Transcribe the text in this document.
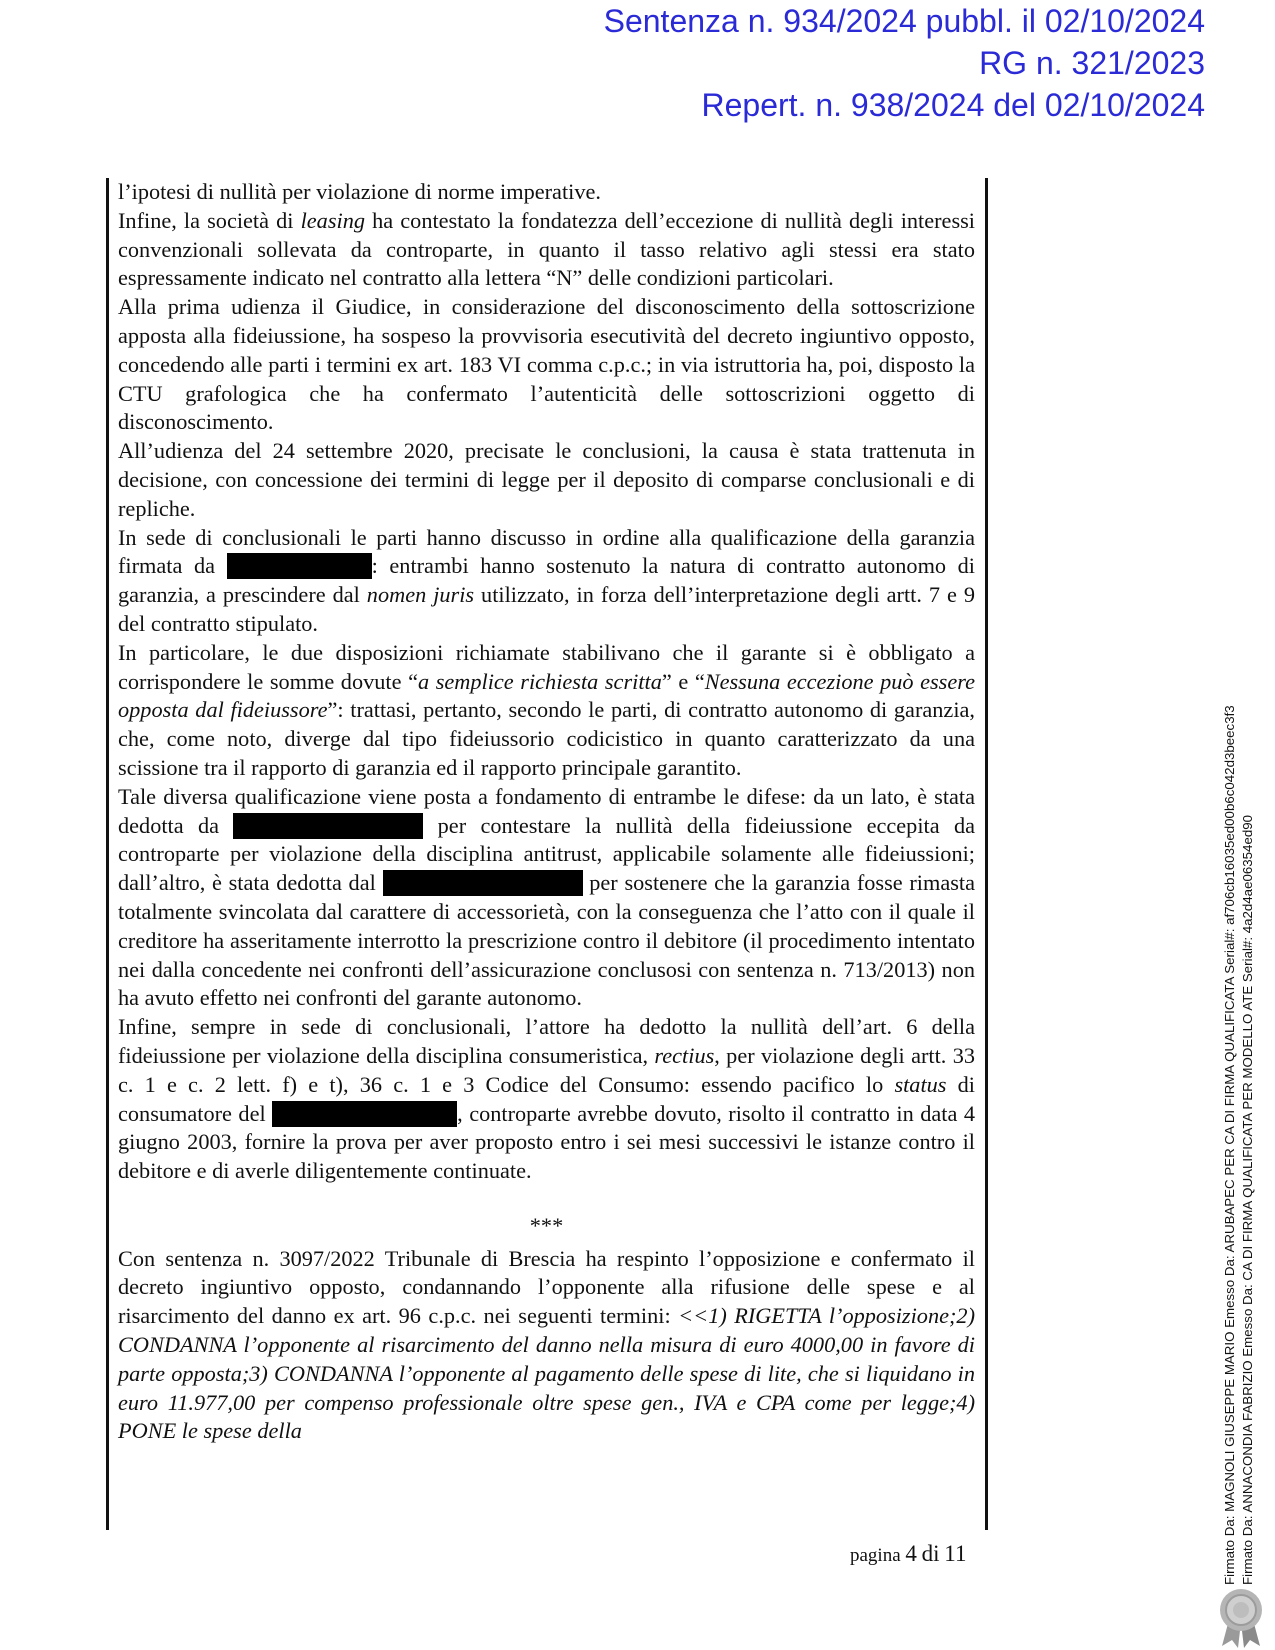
Sentenza n. 934/2024 pubbl. il 02/10/2024
RG n. 321/2023
Repert. n. 938/2024 del 02/10/2024

l’ipotesi di nullità per violazione di norme imperative.

Infine, la società di leasing ha contestato la fondatezza dell’eccezione di nullità degli interessi convenzionali sollevata da controparte, in quanto il tasso relativo agli stessi era stato espressamente indicato nel contratto alla lettera “N” delle condizioni particolari.

Alla prima udienza il Giudice, in considerazione del disconoscimento della sottoscrizione apposta alla fideiussione, ha sospeso la provvisoria esecutività del decreto ingiuntivo opposto, concedendo alle parti i termini ex art. 183 VI comma c.p.c.; in via istruttoria ha, poi, disposto la CTU grafologica che ha confermato l’autenticità delle sottoscrizioni oggetto di disconoscimento.

All’udienza del 24 settembre 2020, precisate le conclusioni, la causa è stata trattenuta in decisione, con concessione dei termini di legge per il deposito di comparse conclusionali e di repliche.

In sede di conclusionali le parti hanno discusso in ordine alla qualificazione della garanzia firmata da	: entrambi hanno sostenuto la natura di contratto autonomo di garanzia, a prescindere dal nomen juris utilizzato, in forza dell’interpretazione degli artt. 7 e 9 del contratto stipulato.

In particolare, le due disposizioni richiamate stabilivano che il garante si è obbligato a corrispondere le somme dovute “a semplice richiesta scritta” e “Nessuna eccezione può essere opposta dal fideiussore”: trattasi, pertanto, secondo le parti, di contratto autonomo di garanzia, che, come noto, diverge dal tipo fideiussorio codicistico in quanto caratterizzato da una scissione tra il rapporto di garanzia ed il rapporto principale garantito.

Tale diversa qualificazione viene posta a fondamento di entrambe le difese: da un lato, è stata dedotta da	per contestare la nullità della fideiussione eccepita da controparte per violazione della disciplina antitrust, applicabile solamente alle fideiussioni; dall’altro, è stata dedotta dal	per sostenere che la garanzia fosse rimasta totalmente svincolata dal carattere di accessorietà, con la conseguenza che l’atto con il quale il creditore ha asseritamente interrotto la prescrizione contro il debitore (il procedimento intentato nei dalla concedente nei confronti dell’assicurazione conclusosi con sentenza n. 713/2013) non ha avuto effetto nei confronti del garante autonomo.

Infine, sempre in sede di conclusionali, l’attore ha dedotto la nullità dell’art. 6 della fideiussione per violazione della disciplina consumeristica, rectius, per violazione degli artt. 33 c. 1 e c. 2 lett. f) e t), 36 c. 1 e 3 Codice del Consumo: essendo pacifico lo status di consumatore del	, controparte avrebbe dovuto, risolto il contratto in data 4 giugno 2003, fornire la prova per aver proposto entro i sei mesi successivi le istanze contro il debitore e di averle diligentemente continuate.

***

Con sentenza n. 3097/2022 Tribunale di Brescia ha respinto l’opposizione e confermato il decreto ingiuntivo opposto, condannando l’opponente alla rifusione delle spese e al risarcimento del danno ex art. 96 c.p.c. nei seguenti termini: <<1) RIGETTA l’opposizione;2) CONDANNA l’opponente al risarcimento del danno nella misura di euro 4000,00 in favore di parte opposta;3) CONDANNA l’opponente al pagamento delle spese di lite, che si liquidano in euro 11.977,00 per compenso professionale oltre spese gen., IVA e CPA come per legge;4) PONE le spese della

pagina 4 di 11	Firmato Da: MAGNOLI GIUSEPPE MARIO Emesso Da: ARUBAPEC PER CA DI FIRMA QUALIFICATA Serial#: af706cb16035ed00b6c042d3beec3f3 Firmato Da: ANNACONDIA FABRIZIO Emesso Da: CA DI FIRMA QUALIFICATA PER MODELLO ATE Serial#: 4a2d4ae06354ed90
